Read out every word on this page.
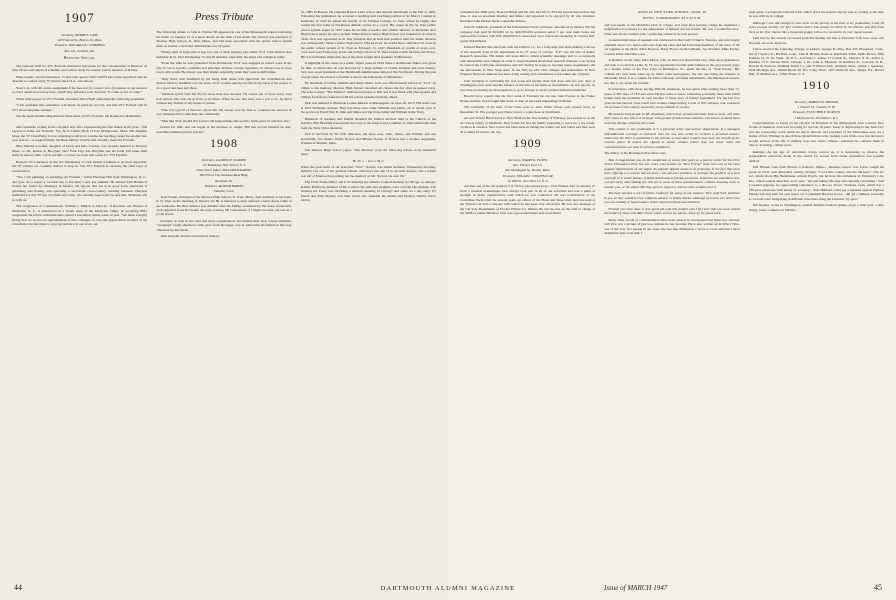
1907
Secretary, HENRY E. LANE
140 Federal St., Boston 10, Mass.
Treasurer, WILLARD H. CUMMINGS
Box 126, Guilford, Me.
Reunion Special

The General Staff for '07's Fortieth announces that plans for the concentration at Hanover on June 20 are well ahead of schedule, and will be ready for release well in advance of D-Day.

Plans require overall attendance. To that end, special 1907 CON'S have been appointed and are directed to contact every '07 man in the U.S.A. and abroad.

Your C.O. will fail on his assignment if he does not (1) contact you, (2) answer or get answers to every question you may have, which may influence your decision "to come or not to come."

When interviewed on '07's Fortieth, President Jim O'Neill authorized the following statement:

"I am confident that attendance will break all previous records, and that '07's Fortieth will be '07's most enjoyable reunion."

See the April Alumni Magazine for more news on '07's Fortieth, the Reunion to Remember.

One classmate writing from a hospital bed, after experiencing his first illness in 69 years, "still expects to make our Fortieth." Yes, he is Charlie Beck of East Bridgewater, Mass. His daughter Mary, the '07 Class Baby, is now returning to Africa to resume her teaching career for another ten-year period.—A rugged family, the Beck family! Charlie will certainly make the Fortieth.

Miss Marsha Goodnet, daughter of Grick and Mrs. Crocker, was recently married in Newton, Mass., to Mr. Robert A. Broyjian, New York City. Mr. Broyjian and his bride will make their home in Akron, Ohio. Crick and Mrs. Crocker we hope will return for '07's Fortieth.

Boston's '07 Luncheon on the last Wednesday of each month continues to be most enjoyable. All '07 visitors are cordially invited to drop in. The '07's Fortieth is currently the chief topic of conversation.

"Yes, I am planning on attending our Fortieth," writes Harrison Hill from Washington, D. C., and goes on to report a vacation trip to the West Coast last summer. He missed Sam Barnes in Seattle but found Joe Mahoney in Denver. He reports that Joe is in good form, interested in gardening and fishing, and operating a successful cross-country trucking business. Harrison reminded Joe that '07 has a Fortieth next June. We certainly hope both Joe and Mrs. Mahoney will be with us.

The resignation of Commissioner William J. Minick as Director of Revenue and Finance at Montclair, N. J., is announced in a recent issue of the Montclair Times. In accepting Bill's resignation his fellow-commissioners passed a resolution which reads, in part, "We think it highly fitting that we record our appraisement of this colleague of ours, the appreciation we have of the consultation he has made to good governance in our town, our

Press Tribute

The following tribute to John A. Norton '08 appeared in one of the Minneapolis papers following his death on January 22 of a heart attack. At the time of his death, Mr. Norton was principal of Monroe High School, St. Paul, Minn., and had been associated with the public school system there as teacher, coach and administrator for 32 years.

"Young men of high school age lost one of their greatest pals when 'Prof' John Norton died suddenly in St. Paul Wednesday. So did all athletics, especially the preps and collegiate ranks.

"From the time he was graduated from Dartmouth, 'Prof' was engaged in school work in the role of coach, teacher, confidant and principal. In these various capacities, he always was in close touch with youth. He always was their friend, especially when they were in difficulties.

"Only those who benefited by his many kind deeds will appreciate the contributions that Norton made to mankind over the years. 'Prof' worked quietly but effectively back of the scenes to do a good turn here and there.

"Amateur sports were his life for more than four decades. He wasn't one of those noisy soap box sentors who was out in front at all times. When he saw that there was a job to do, he did it without any fanfare or any hopes of praise.

"This was typical of Norton's whole life. He always was the first to volunteer his services in any campaign that would help the community.

"Men like 'Prof' should live forever. He helped make this world a better place in which to live."

fection for him, and our regret at his decision to resign. Bill has proved himself an able, unselfish, unbiased public servant."

1908
Secretary, LAURENCE SUMMES
115 Broadway, New York 6, N. Y.
Class Notes Editor, WILLIAM B KARNET
609 Forest City National Bank Bldg.
Rockford, Ill.
Treasurer, ARTHUR BARNES
Fabville, Conn.

Jack Norton, Principal of the Monroe High School, St. Paul, Minn., died suddenly at his home in St. Paul on the morning of January 22. He is believed to have suffered a heart attack while in the bathroom. He died within a few minutes after his family, awakened by the noise, found him. Jack appeared in perfect health the prior evening. He complained of a slight ear-ache, but was in a jovial mood.

Probably no man in the class had more acquaintances and friends than Jack, whose nickname "Greetings" really attached to him, grew from his happy way in addressing his friends in that way whenever he met them.

John Aloysius Norton was born on January

16, 1885 in Boston. He attended Boston Latin school and entered Dartmouth in the Fall of 1904. Following his graduation, he accepted a teaching and coaching position at St. Mary's College in Kentucky. In 1912 he joined the faculty of St. Thomas College, St. Paul, where he taught, and earned his first fame in Northwest athletic circles as a coach. His career in the St. Paul public school system began in 1915 when he became a teacher and athletic director at Mechanic Arts High School where he also coached. When Monroe Junior High School was founded in St. Paul in 1926, Jack was appointed as its first principal and he held that position until his death. Monroe was subsequently made a senior high school. Had he lived, he would have completed 32 years in the public school system of St. Paul on February 15, 1947. Hundreds of youths of every race, color and creed from every grade and in high school of St. Paul looked to him for help and advice. His wit and humor made him one of the most sought after speakers in Minnesota.

A highlight of his career as a public figure came in 1939 when a testimonial dinner was given for him, at which time he was honored by a large number of former students and civic leaders. Jack was a past president of the Dartmouth Alumni Association of the Northwest. During the past several years, he acted as a football scout for the University of Minnesota.

By hundreds of former students and many others, Jack was affectionately known as "Prof." In tribute to his memory, Monroe High School cancelled all classes the day after he passed away. The school paper, "The Monitor" dedicated an issue to him and it was filled with photographs and tributes from those connected with the school system and many others.

Jack was married to Marriette Louise Minson at Minneapolis on June 28, 1913. His home was at 1874 Wellesley Avenue. They had three sons, John, William and James, all of whom were in the service in World War II. John and James serving in the Army and William in the Navy.

Hundreds of students and friends attended the funeral services held at the Church of the Nativity. Bob Blaisdell represented the Class at the funeral and a number of other Dartmouth men from the Twin Cities attended.

Jack is survived by his wife Marriette, his three sons, John, James, and William and one grandchild, two sisters, Nellie Norton and Minnie Norton of Boston and a brother, Augustine, William of Malden, Mass.

The Monroe High School paper, "The Monitor" paid the following tribute in its memorial issue:

He Was a Great Man

When the great heart of our principal, "Prof." Norton, was stilled suddenly Wednesday morning, Industry lost one of her greatest friends, education lost one of its greatest leaders, and a nation was left at Monroe that nothing but the memory of Mr. Norton can ever fill."

The Class Notes Editor and Lola attended the Alumni Council meeting in Chicago in January. Robbie Robinson, member of the Council, his wife and daughter, were on from Des Moines. The eminent Dr. Foley was attending a medical meeting in Chicago and came on a day early. Ev Marsh and Park Slattery and their wives also attended the dinner and Eleanor Skillin, Pete's widow,

44

completed the 1908 party. Howard Hilton and his wife had left for Florida several days before that time. It was an excellent meeting and dinner and appeared to be enjoyed by all who attended. President John Dickey made a splendid address.

John H. Atkinson, president of the International Paper Company, announced in January that the company had paid $1,563,000 on its $29,583,000 seniored serial 5 per cent bank loans and replaced the balance with $18,-000,000 new unsecured 3 per cent notes, maturing in varying half-yearly installments.

Edward Bartlett who has been with the DuPont Co. for a long time, has been making a survey of the research done in his department in its 27 years of activity. "E.P." has the title of Senior Research Associate. His duties call upon him to attend scientific meetings and to occasionally visit universities and colleges in order to keep informed about their research interests. Last Spring he visited the California universities and this Spring he hopes to become better acquainted with the universities in New York state. In the Fall, he will visit colleges and universities in New England. Between times he has been doing writing and consultation work within the company.

Jack Zeelijens is continuing his war work and spends three full days and two part days in Washington each week and the balance of the time at his home in Swarthmore. At last reports, he was busy promoting six investigations to go to Europe to study German industrial medicine.

Harold Joyce reports that the first week of February he ran into Jack Everest at the Parker House and that Jack brought him down to date on the latest happenings in Maine.

The sympathy of the men of the Class goes to Alex Miller whose wife passed away on December 31. His younger son, Dana, is now a sophomore at Dartmouth.

Art and Serena Birch drove to New Bedford the first Sunday of February and looked in on the Art Lewis family at Medfield. They found Art and his family preparing to leave for a six weeks' vacation in Jamaica. Mrs. Lewis has been quite ill during the winter, but was better and they were all looking forward to the trip.

1909
Secretary, HARRY R. FLOYD
Wm. Filene's Sons Co.
426 Washington St., Boston, Mass.
Treasurer, EDGAR L. CHAPPELLOR
16 Wall St., New York 15, N. Y.

Another one of the old stand-by's of '09 has just passed away—Don Watson died on January 27 from a cerebral hemorrhage. Don always took part in all of our activities and was a pillar of strength in many organizations with which he was connected. He was Commodore of the Corinthian Yacht Club for several years, an officer of the Book and Shoe Club, and was land of the Watson Cut Sole Company with which he had been very successful. He was also manager of the Cut Sole Department of Procter Ellison Co. During the war he was on the staff in charge of the WPB's Leather Division. Don was a good entertainer and loved music

ANNUAL NEW YORK DINNER, APRIL 16
HOTEL COMMODORE AT 6:30 P.M.

and was leader of the Mandolin Club at college, and even after leaving college he organized a neighborhood orchestra for the amusement of himself and his friends. He was a wonderful story-teller and always formed quite a gathering whenever he was present.

A solemn high mass of requiem was celebrated in Our Lady's Church, Newton, and was largely attended. Don's two sisters and sons from the class and the following members of the class of '09 sat together at the Mass: Allen Newton, Harry Floyd, Norm Gethanis, Joe Worthen, Mike Feeley, Gordon Waite and Dick Lord.

A member of our class, Eben Morse, who we have not heard from very often since graduation, and who is located in Lyme, N. H., has apparently become quite famous in the past several years as a feature writer of the Free Press of Burlington, Vt., under the title of "Your Friend." His column has now been taken up by many other newspapers, the last one being the Gazette in Haverhill, Mass. It is a column for advice and help on family adjustments. The Burlington Gazette has this to say about his column:

In interviews with those having difficult situations, he has given time tending more than 7,1 years of 365 days of 18 hours each. He has come to know somewhat accurately more than 6,000 homes with the problems of each peculiar to these days of family adjustment. For the last five years he has been in close touch with women camps having a total of 870 campers, who represent all sections of the country and nearly every stratum of society.

He believes that people in life situations, which have proved extremely hard to meet, will state their cases to one who is a stranger with greater freedom than someone who knows of about them and may divulge what has been said.

This column is not syndicated. It is a personal letter and answer department. If a managed self-addressed envelope is enclosed, then the one who writes in receives a personal answer. Otherwise the letter is published in the column so that other readers may have the benefit of the counsel given. If names are signed to public column letters they are never used. All communications are held in strictest confidence.

The Editor of the Burlington Free Press says:

May I congratulate you on the completion of nearly five years as a feature writer for the Free Press. Throughout these few war years, your feature on "Your Friend" when been one of the most popular departments of our paper. Its popular appeal seems to be primarily in the fact that each day's offering is a human interest story—one person's problem, or perhaps the problem of a man and wife or a whole family—frankly stated and as frankly answered. It amuses me sometimes how you get away with making the risk act in some of these questionnaires without arousing them to murder you, or the editor. But they seem to expect it, and the other readers love it.

You have become a sort of father confessor for many of our readers. They send their petitions to you as they would to their religious advisor or family doctor, although of course you never hint you are reading or legal matters which require professional attention.

Frankly you have done a very good job with this feature and I feel sure that you have raised the minds of many who didn't know where to turn for advice. Keep up the good work.

Many other words of commendation have been quoted by newspapers but these few remarks will give you a picture of just how famous he has become. He is also written up in Who's Who, one of the very few people in our class who has that distinction. I wrote to Leon and had a most delightful reply from him. I

must quote a paragraph from his letter which gives the reason why he was so writing at the time he was with us in college:

Although I was old enough to have been on the faculty at the time of my graduation, I was 28 years toward senility, the fact remains that I was always terrified by the fellows and fled from them at the first chance like a desperate puppy with a tin can tied to its rear signal season.

I am sure he has already recovered from this feeling and that at Reunions from now on he will blossom out as he deserves.

I have received the following changes of address: George R. Abbe, Box 303, Brookford, Conn., and 117 Spruce St., Hartford, Conn., John B. Brandy, Rosie A. Rathbrum, Edith, Ophis Brown, 3850 Rodman St., N. W., Wash. 16, D. C., Lawrence C. Chase, 15 Carlton St., Littleton, N. H., Arthur A. Madden, 55 E. Wacker Drive, Chicago 1, Ill., John A. Marshall, 59 Rumford St., Concord, N. H., Howard B. Peterson, Waltham Watch Co., and 37 Ellison Park, Waltham, Mass., Arthur J. Spenberg, 1626 Michigan Ave., Miami Beach 39, Fla., Craig Thorn, 3105 Wallcroft Ave., Tampa, Fla., Harold Hall, 25 Midland Ave., White Plains, N. Y.

1910
Secretary, HAROLD P. HINMAN
1 Cleaver St., Canaan, N. H.
Treasurer, FLETCHER P. BURTON
1 Weybosset St., Providence, R. I.

Congratulations to Eastis on his election as President of the Minneapolis Area Council, Boy Scouts of America! Active in Scouting for the last 18 years, Eassy is duplicating in the Twin City area the noteworthy work which he did as director and president of the Milwaukee area. As a matter of fact, Whitney is one of those grand fellows who, lacking a son of his own, has devoted a goodly portion of his life to making boys into better citizens—wherever he contacts them in school, Scouting, college years.

Retiring—As the age of retirement creeps toward us, it is interesting to observe the geographical selections made in the search for escape from urban articulation and worldly turmoil.

Earl Nielsen went from Boston to Palermo, Maine... Business reason. Jess Porter sought his haven in lower rural Maryland, writing recently, "I love this country and the life here"—We are not certain about Big Bushmaser, Abram Everly, but he lives his retirement in University City, Mo., which sounds attractive, as he puts, "but just taking life easy and enjoying everything." Ned Loveland prepares for approaching retirement to a 90-cow Stowe, Vermont, farm, which has a 100-year-old-house with plenty of accuracy... Stan Hubbard could get a pleasant upstate Hudson Mendy who has built his own house on "Locksmith Harvard Grove—did get a glimpse yesterday as we both were whispering in different directions along the Lebanon "by-pass."

Jim Kersley works in Washington, attends Redskin football games, plays a little golf, a little bridge, leads a simple but full life...

45
DARTMOUTH ALUMNI MAGAZINE	Issue of MARCH 1947
